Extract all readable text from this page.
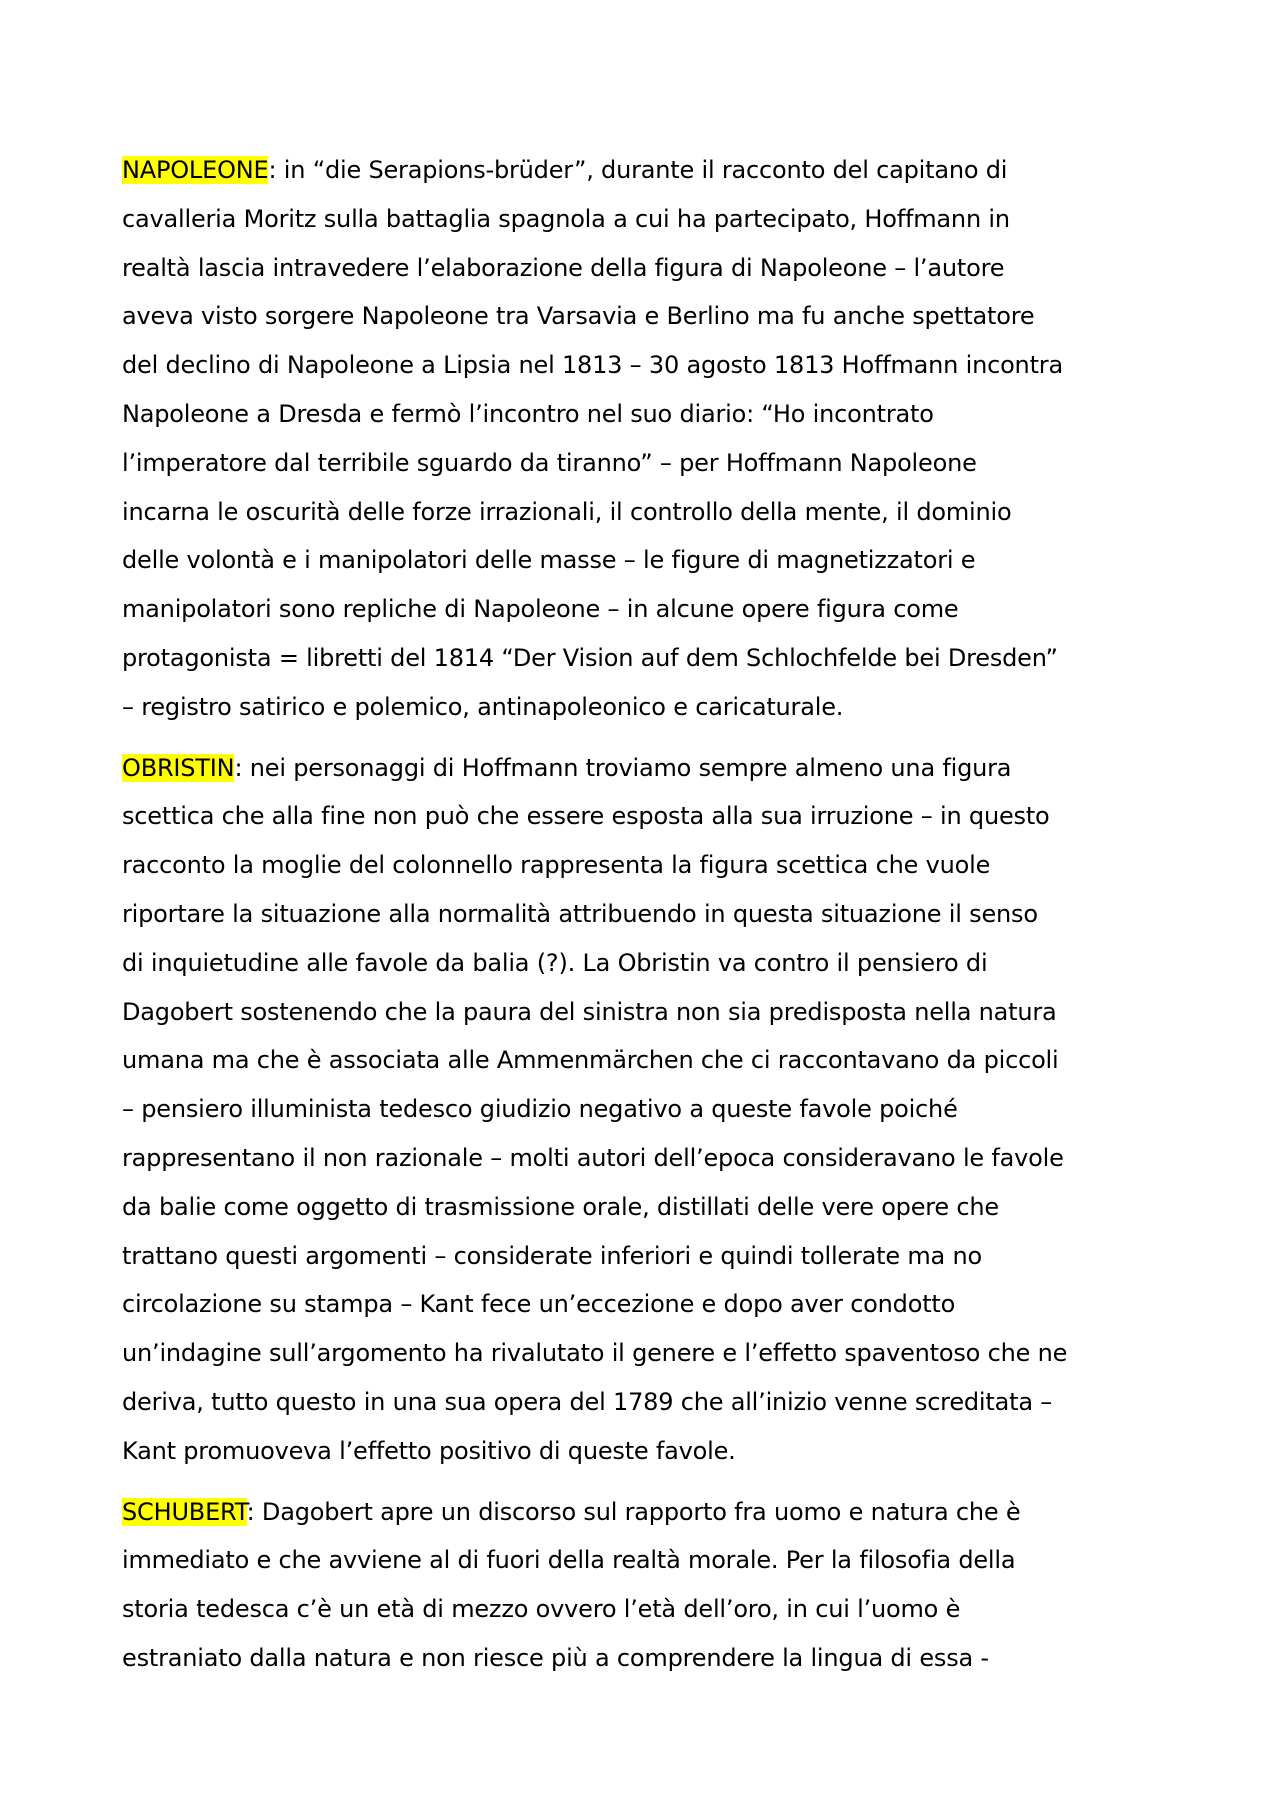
NAPOLEONE: in “die Serapions-brüder”, durante il racconto del capitano di
cavalleria Moritz sulla battaglia spagnola a cui ha partecipato, Hoffmann in
realtà lascia intravedere l’elaborazione della figura di Napoleone – l’autore
aveva visto sorgere Napoleone tra Varsavia e Berlino ma fu anche spettatore
del declino di Napoleone a Lipsia nel 1813 – 30 agosto 1813 Hoffmann incontra
Napoleone a Dresda e fermò l’incontro nel suo diario: “Ho incontrato
l’imperatore dal terribile sguardo da tiranno” – per Hoffmann Napoleone
incarna le oscurità delle forze irrazionali, il controllo della mente, il dominio
delle volontà e i manipolatori delle masse – le figure di magnetizzatori e
manipolatori sono repliche di Napoleone – in alcune opere figura come
protagonista = libretti del 1814 “Der Vision auf dem Schlochfelde bei Dresden”
– registro satirico e polemico, antinapoleonico e caricaturale.

OBRISTIN: nei personaggi di Hoffmann troviamo sempre almeno una figura
scettica che alla fine non può che essere esposta alla sua irruzione – in questo
racconto la moglie del colonnello rappresenta la figura scettica che vuole
riportare la situazione alla normalità attribuendo in questa situazione il senso
di inquietudine alle favole da balia (?). La Obristin va contro il pensiero di
Dagobert sostenendo che la paura del sinistra non sia predisposta nella natura
umana ma che è associata alle Ammenmärchen che ci raccontavano da piccoli
– pensiero illuminista tedesco giudizio negativo a queste favole poiché
rappresentano il non razionale – molti autori dell’epoca consideravano le favole
da balie come oggetto di trasmissione orale, distillati delle vere opere che
trattano questi argomenti – considerate inferiori e quindi tollerate ma no
circolazione su stampa – Kant fece un’eccezione e dopo aver condotto
un’indagine sull’argomento ha rivalutato il genere e l’effetto spaventoso che ne
deriva, tutto questo in una sua opera del 1789 che all’inizio venne screditata –
Kant promuoveva l’effetto positivo di queste favole.

SCHUBERT: Dagobert apre un discorso sul rapporto fra uomo e natura che è
immediato e che avviene al di fuori della realtà morale. Per la filosofia della
storia tedesca c’è un età di mezzo ovvero l’età dell’oro, in cui l’uomo è
estraniato dalla natura e non riesce più a comprendere la lingua di essa -
